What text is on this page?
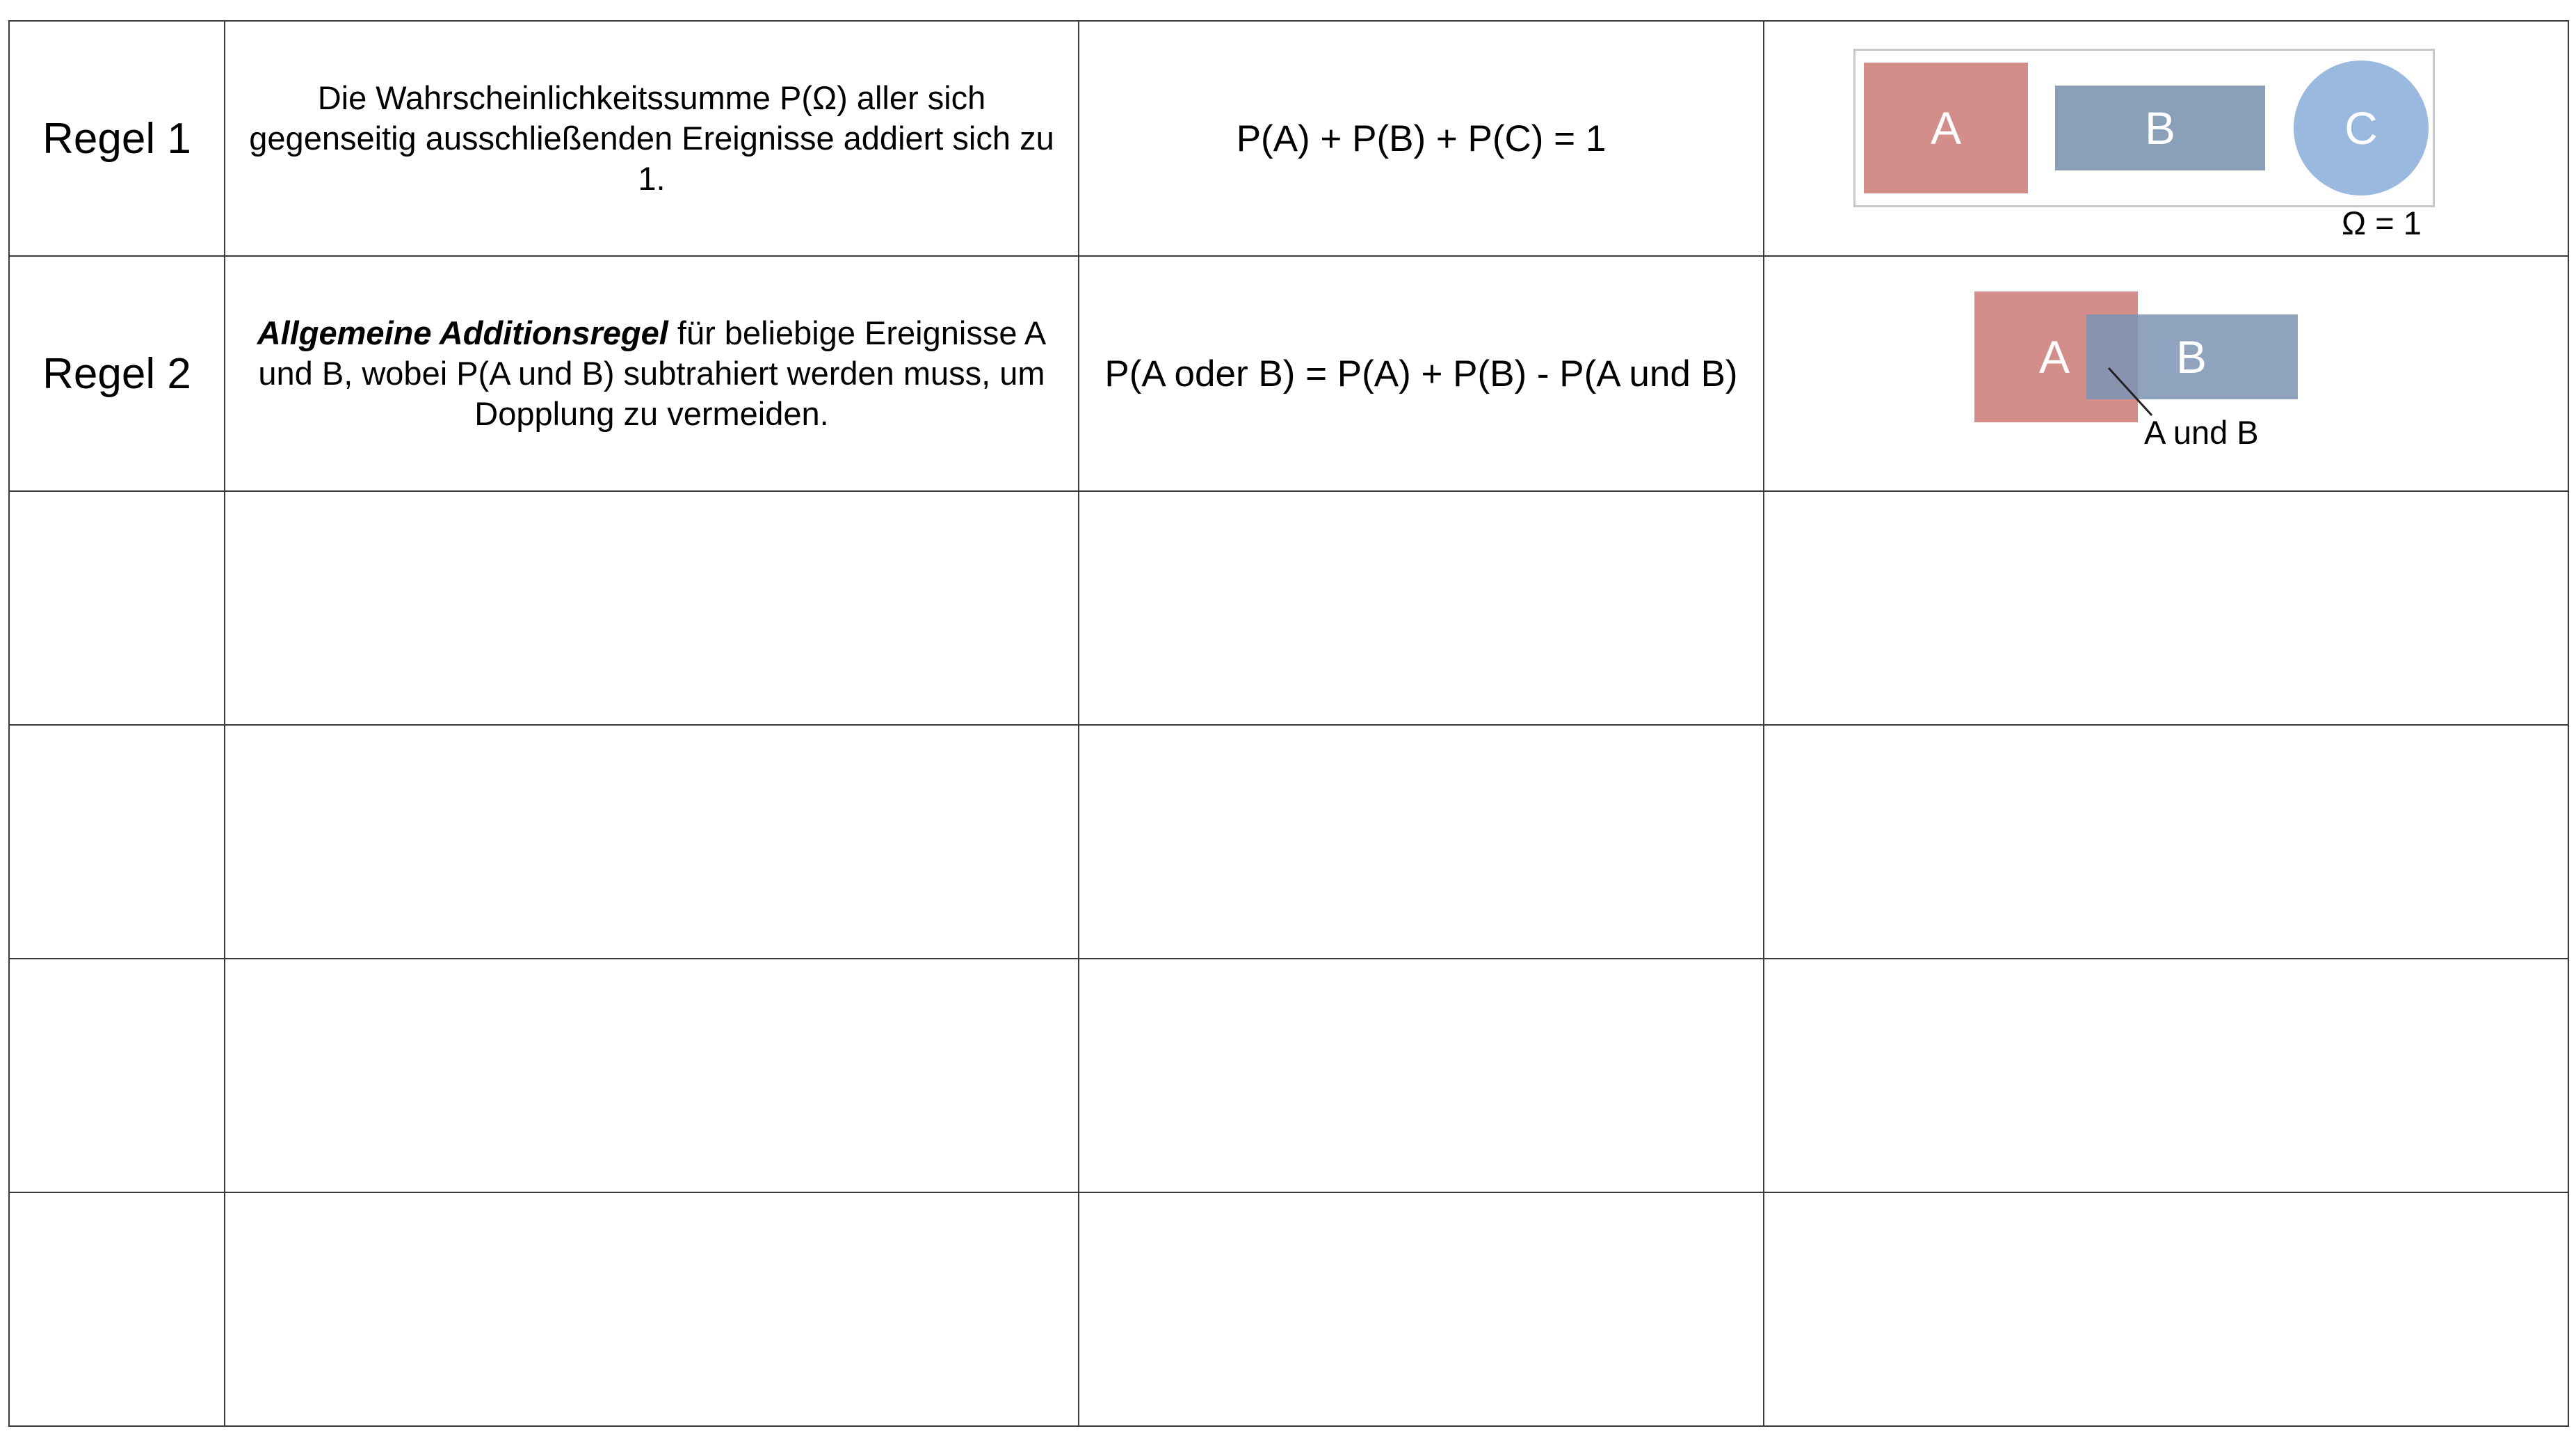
Regel 1	Die Wahrscheinlichkeitssumme P(Ω) aller sich gegenseitig ausschließenden Ereignisse addiert sich zu 1.	P(A) + P(B) + P(C) = 1	A B C
Ω = 1

Regel 2	Allgemeine Additionsregel für beliebige Ereignisse A und B, wobei P(A und B) subtrahiert werden muss, um Dopplung zu vermeiden.	P(A oder B) = P(A) + P(B) - P(A und B)	A B
A und B
